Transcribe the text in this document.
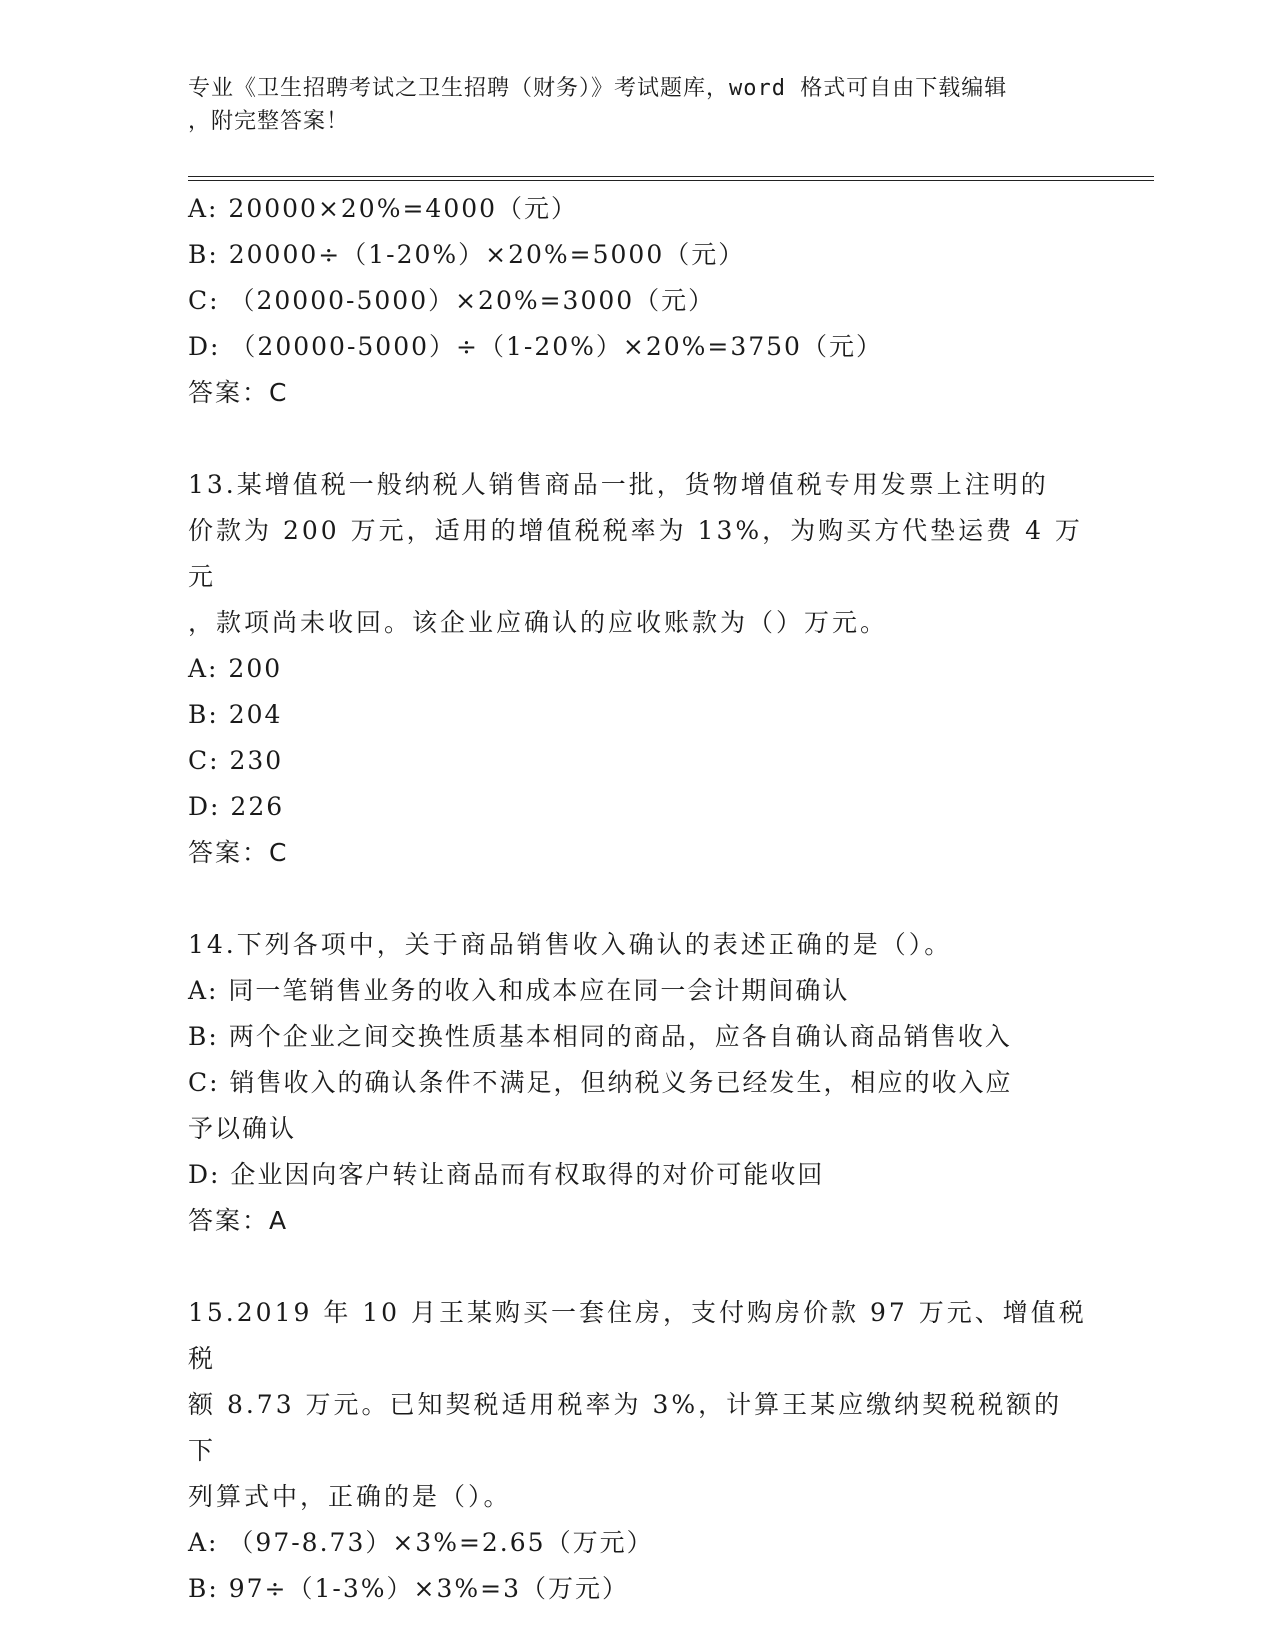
专业《卫生招聘考试之卫生招聘（财务）》考试题库，word 格式可自由下载编辑
，附完整答案！
A: 20000×20%=4000（元）
B: 20000÷（1-20%）×20%=5000（元）
C: （20000-5000）×20%=3000（元）
D: （20000-5000）÷（1-20%）×20%=3750（元）
答案：C
13.某增值税一般纳税人销售商品一批，货物增值税专用发票上注明的
价款为 200 万元，适用的增值税税率为 13%，为购买方代垫运费 4 万元
，款项尚未收回。该企业应确认的应收账款为（）万元。
A: 200
B: 204
C: 230
D: 226
答案：C
14.下列各项中，关于商品销售收入确认的表述正确的是（）。
A: 同一笔销售业务的收入和成本应在同一会计期间确认
B: 两个企业之间交换性质基本相同的商品，应各自确认商品销售收入
C: 销售收入的确认条件不满足，但纳税义务已经发生，相应的收入应
予以确认
D: 企业因向客户转让商品而有权取得的对价可能收回
答案：A
15.2019 年 10 月王某购买一套住房，支付购房价款 97 万元、增值税税
额 8.73 万元。已知契税适用税率为 3%，计算王某应缴纳契税税额的下
列算式中，正确的是（）。
A: （97-8.73）×3%=2.65（万元）
B: 97÷（1-3%）×3%=3（万元）
